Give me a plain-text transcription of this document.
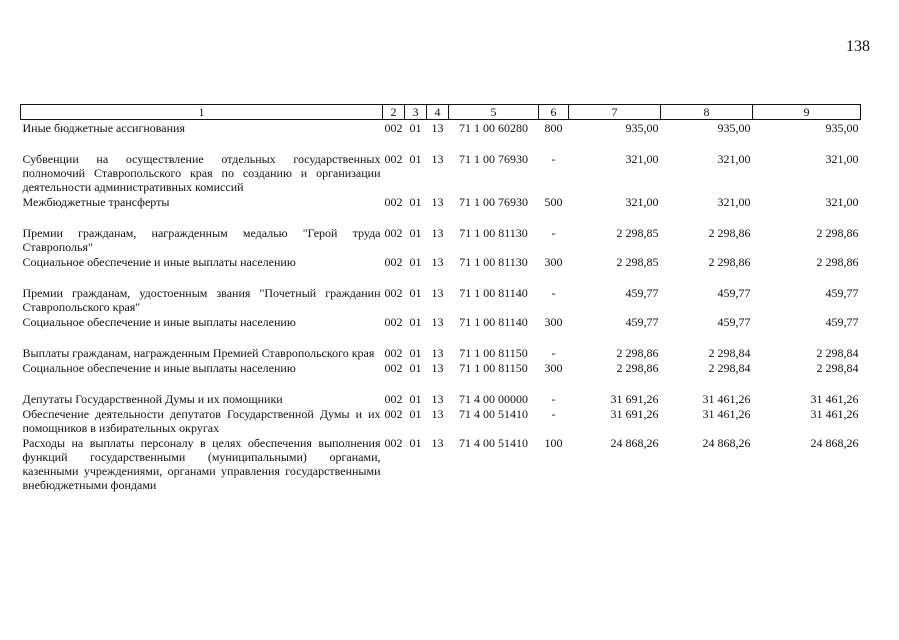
138
1	2	3	4	5	6	7	8	9
Иные бюджетные ассигнования	002	01	13	71 1 00 60280	800	935,00	935,00	935,00

Субвенции на осуществление отдельных государственных полномочий Ставропольского края по созданию и организации деятельности административных комиссий	002	01	13	71 1 00 76930	-	321,00	321,00	321,00
Межбюджетные трансферты	002	01	13	71 1 00 76930	500	321,00	321,00	321,00

Премии гражданам, награжденным медалью "Герой труда Ставрополья"	002	01	13	71 1 00 81130	-	2 298,85	2 298,86	2 298,86
Социальное обеспечение и иные выплаты населению	002	01	13	71 1 00 81130	300	2 298,85	2 298,86	2 298,86

Премии гражданам, удостоенным звания "Почетный гражданин Ставропольского края"	002	01	13	71 1 00 81140	-	459,77	459,77	459,77
Социальное обеспечение и иные выплаты населению	002	01	13	71 1 00 81140	300	459,77	459,77	459,77

Выплаты гражданам, награжденным Премией Ставропольского края	002	01	13	71 1 00 81150	-	2 298,86	2 298,84	2 298,84
Социальное обеспечение и иные выплаты населению	002	01	13	71 1 00 81150	300	2 298,86	2 298,84	2 298,84

Депутаты Государственной Думы и их помощники	002	01	13	71 4 00 00000	-	31 691,26	31 461,26	31 461,26
Обеспечение деятельности депутатов Государственной Думы и их помощников в избирательных округах	002	01	13	71 4 00 51410	-	31 691,26	31 461,26	31 461,26
Расходы на выплаты персоналу в целях обеспечения выполнения функций государственными (муниципальными) органами, казенными учреждениями, органами управления государственными внебюджетными фондами	002	01	13	71 4 00 51410	100	24 868,26	24 868,26	24 868,26
